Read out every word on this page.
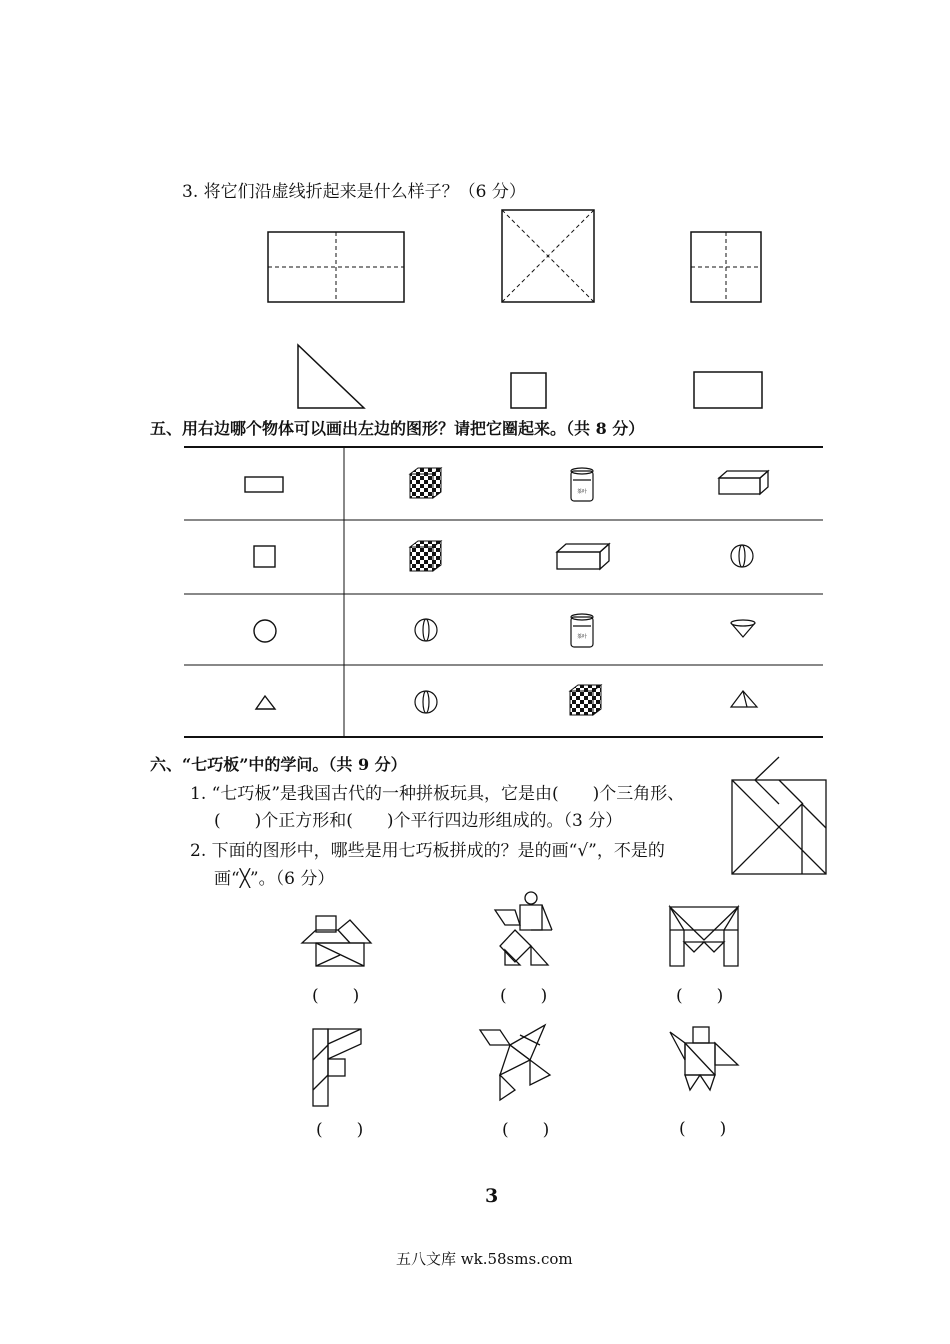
3. 将它们沿虚线折起来是什么样子？（6 分）
五、用右边哪个物体可以画出左边的图形？请把它圈起来。（共 8 分）
茶叶
茶叶
六、“七巧板”中的学问。（共 9 分）
1. “七巧板”是我国古代的一种拼板玩具，它是由(　　)个三角形、
(　　)个正方形和(　　)个平行四边形组成的。（3 分）
2. 下面的图形中，哪些是用七巧板拼成的？是的画“√”，不是的
画“╳”。（6 分）
(　　)	(　　)	(　　)
(　　)	(　　)	(　　)
3
五八文库 wk.58sms.com
